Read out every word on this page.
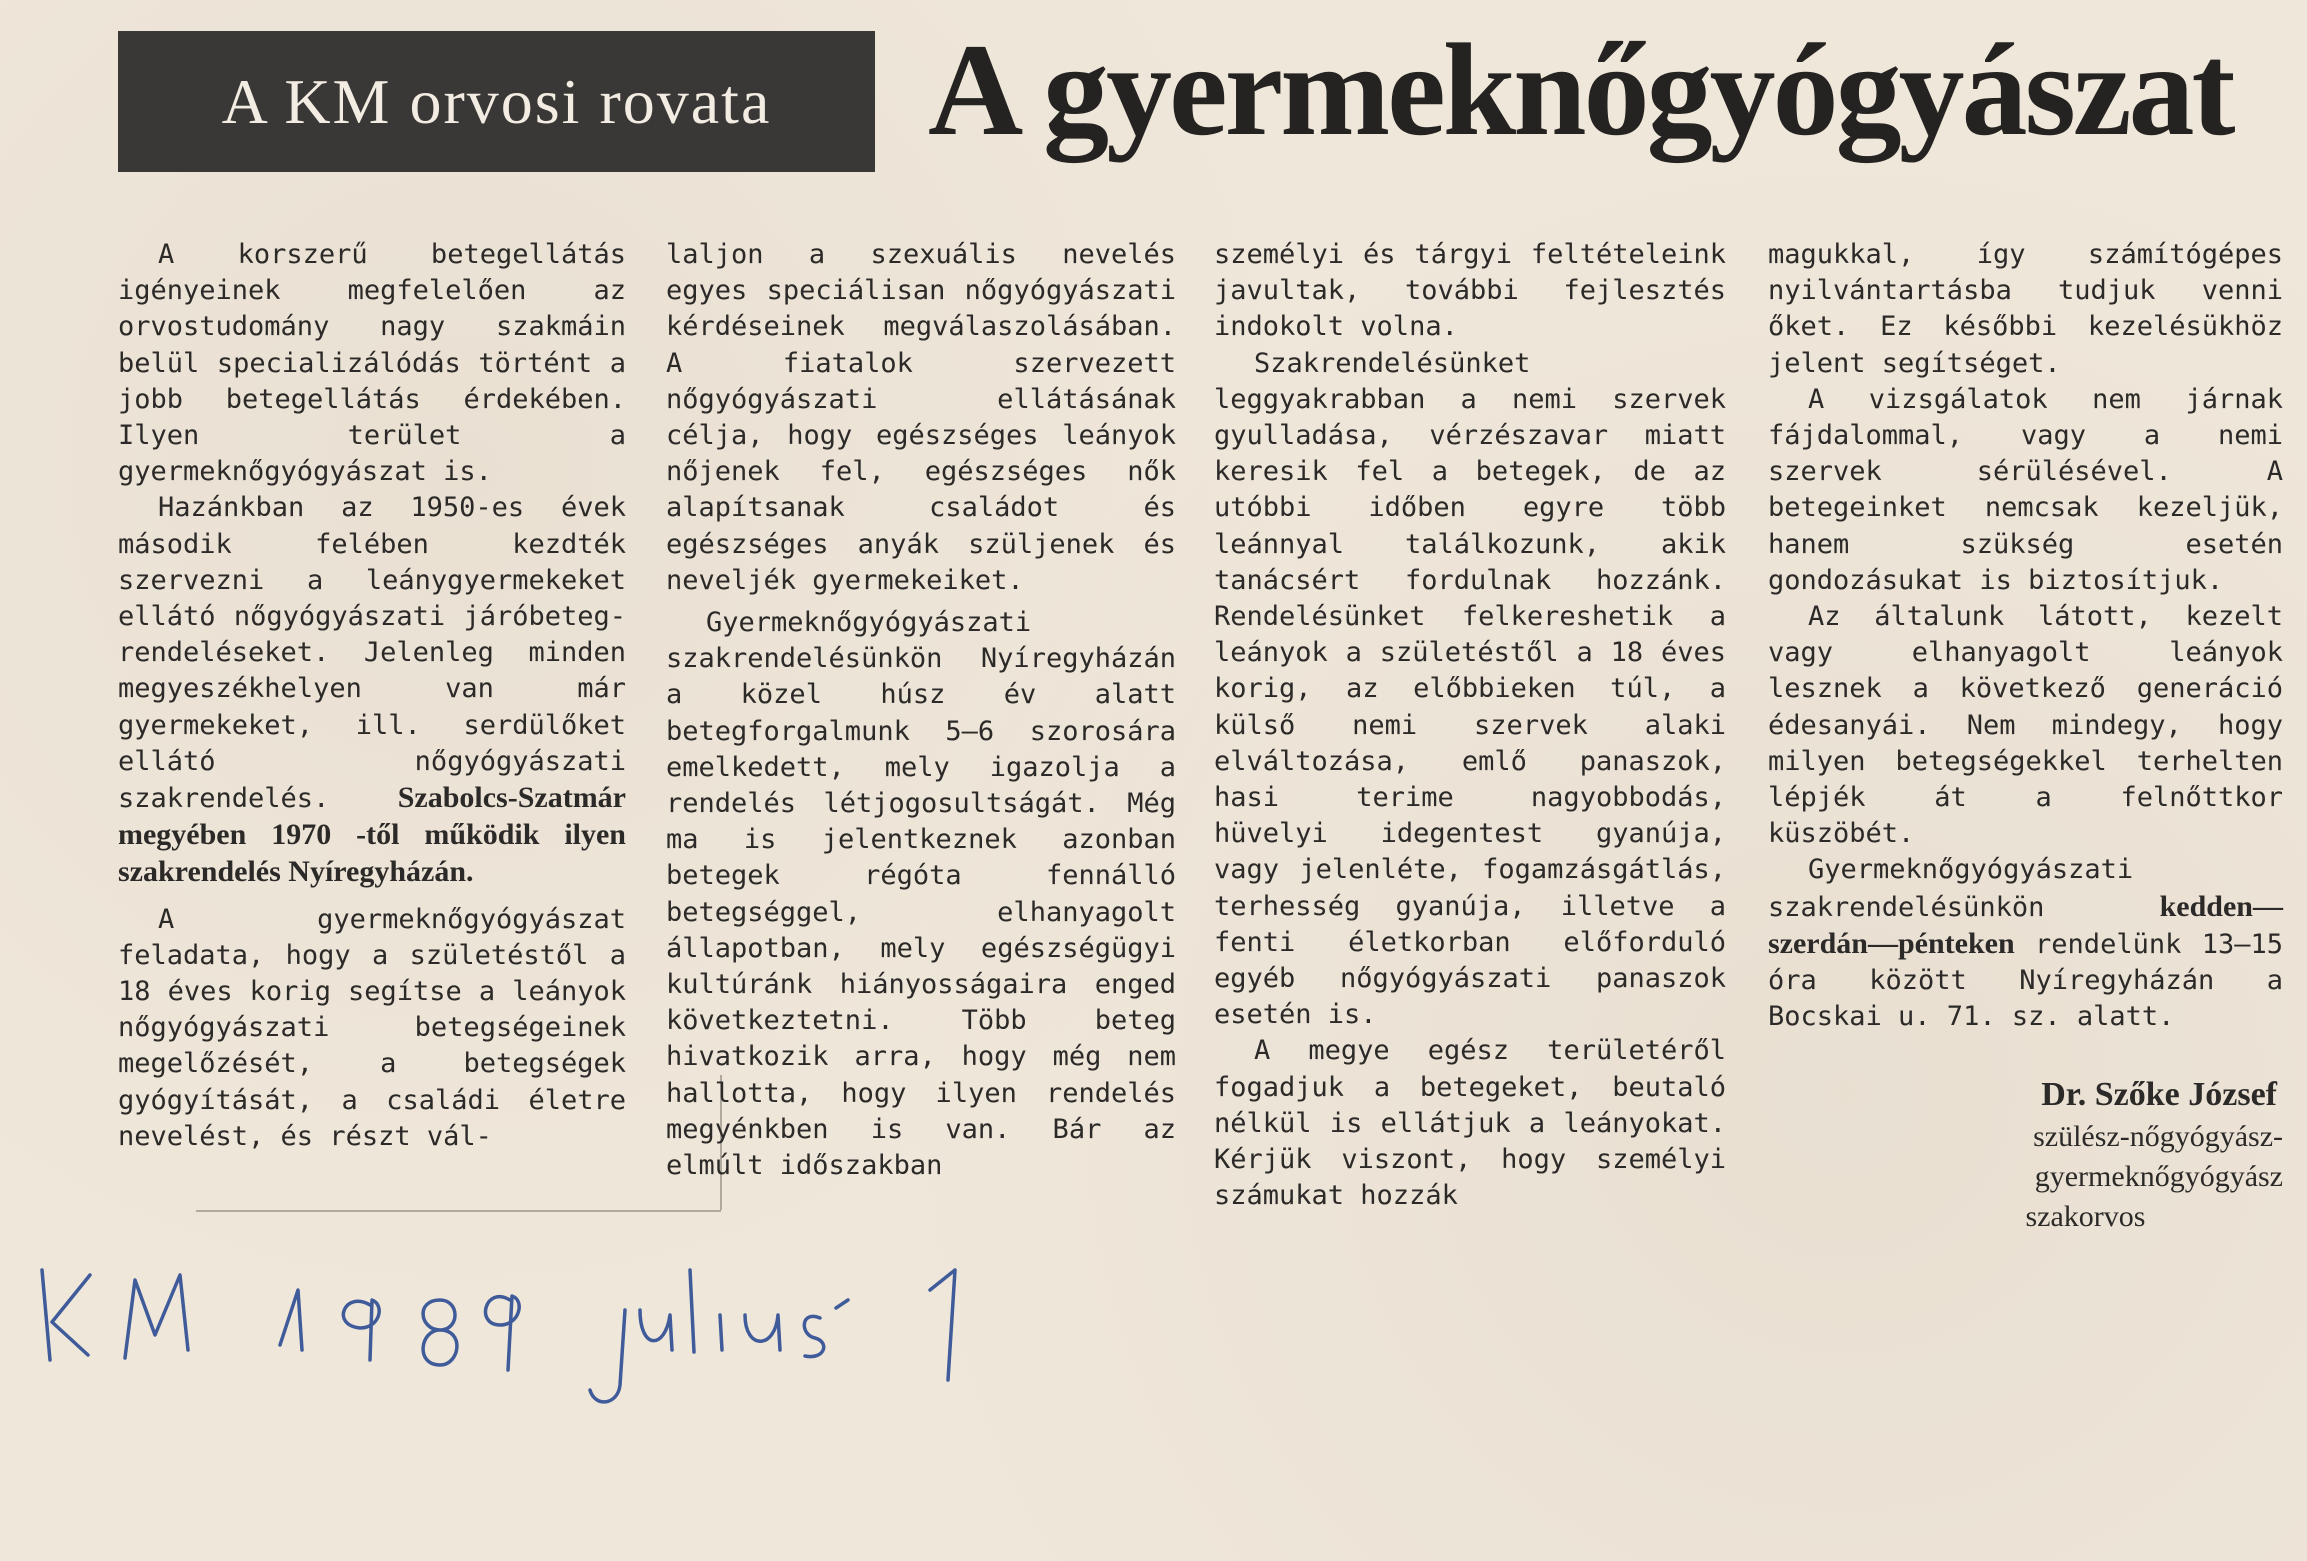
A KM orvosi rovata A gyermeknőgyógyászat

A korszerű betegellátás igényeinek megfelelően az orvostudomány nagy szakmáin belül specializálódás történt a jobb betegellátás érdekében. Ilyen terület a gyermeknőgyógyászat is.

Hazánkban az 1950-es évek második felében kezdték szervezni a leánygyermekeket ellátó nőgyógyászati járóbeteg-rendeléseket. Jelenleg minden megyeszékhelyen van már gyermekeket, ill. serdülőket ellátó nőgyógyászati szakrendelés. Szabolcs-Szatmár megyében 1970 -től működik ilyen szakrendelés Nyíregyházán.

A gyermeknőgyógyászat feladata, hogy a születéstől a 18 éves korig segítse a leányok nőgyógyászati betegségeinek megelőzését, a betegségek gyógyítását, a családi életre nevelést, és részt vál-

laljon a szexuális nevelés egyes speciálisan nőgyógyászati kérdéseinek megválaszolásában. A fiatalok szervezett nőgyógyászati ellátásának célja, hogy egészséges leányok nőjenek fel, egészséges nők alapítsanak családot és egészséges anyák szüljenek és neveljék gyermekeiket.

Gyermeknőgyógyászati szakrendelésünkön Nyíregyházán a közel húsz év alatt betegforgalmunk 5—6 szorosára emelkedett, mely igazolja a rendelés létjogosultságát. Még ma is jelentkeznek azonban betegek régóta fennálló betegséggel, elhanyagolt állapotban, mely egészségügyi kultúránk hiányosságaira enged következtetni. Több beteg hivatkozik arra, hogy még nem hallotta, hogy ilyen rendelés megyénkben is van. Bár az elmúlt időszakban

személyi és tárgyi feltételeink javultak, további fejlesztés indokolt volna.

Szakrendelésünket leggyakrabban a nemi szervek gyulladása, vérzészavar miatt keresik fel a betegek, de az utóbbi időben egyre több leánnyal találkozunk, akik tanácsért fordulnak hozzánk. Rendelésünket felkereshetik a leányok a születéstől a 18 éves korig, az előbbieken túl, a külső nemi szervek alaki elváltozása, emlő panaszok, hasi terime nagyobbodás, hüvelyi idegentest gyanúja, vagy jelenléte, fogamzásgátlás, terhesség gyanúja, illetve a fenti életkorban előforduló egyéb nőgyógyászati panaszok esetén is.

A megye egész területéről fogadjuk a betegeket, beutaló nélkül is ellátjuk a leányokat. Kérjük viszont, hogy személyi számukat hozzák

magukkal, így számítógépes nyilvántartásba tudjuk venni őket. Ez későbbi kezelésükhöz jelent segítséget.

A vizsgálatok nem járnak fájdalommal, vagy a nemi szervek sérülésével. A betegeinket nemcsak kezeljük, hanem szükség esetén gondozásukat is biztosítjuk.

Az általunk látott, kezelt vagy elhanyagolt leányok lesznek a következő generáció édesanyái. Nem mindegy, hogy milyen betegségekkel terhelten lépjék át a felnőttkor küszöbét.

Gyermeknőgyógyászati szakrendelésünkön kedden—szerdán—pénteken rendelünk 13—15 óra között Nyíregyházán a Bocskai u. 71. sz. alatt.

Dr. Szőke József
szülész-nőgyógyász-
gyermeknőgyógyász
szakorvos
